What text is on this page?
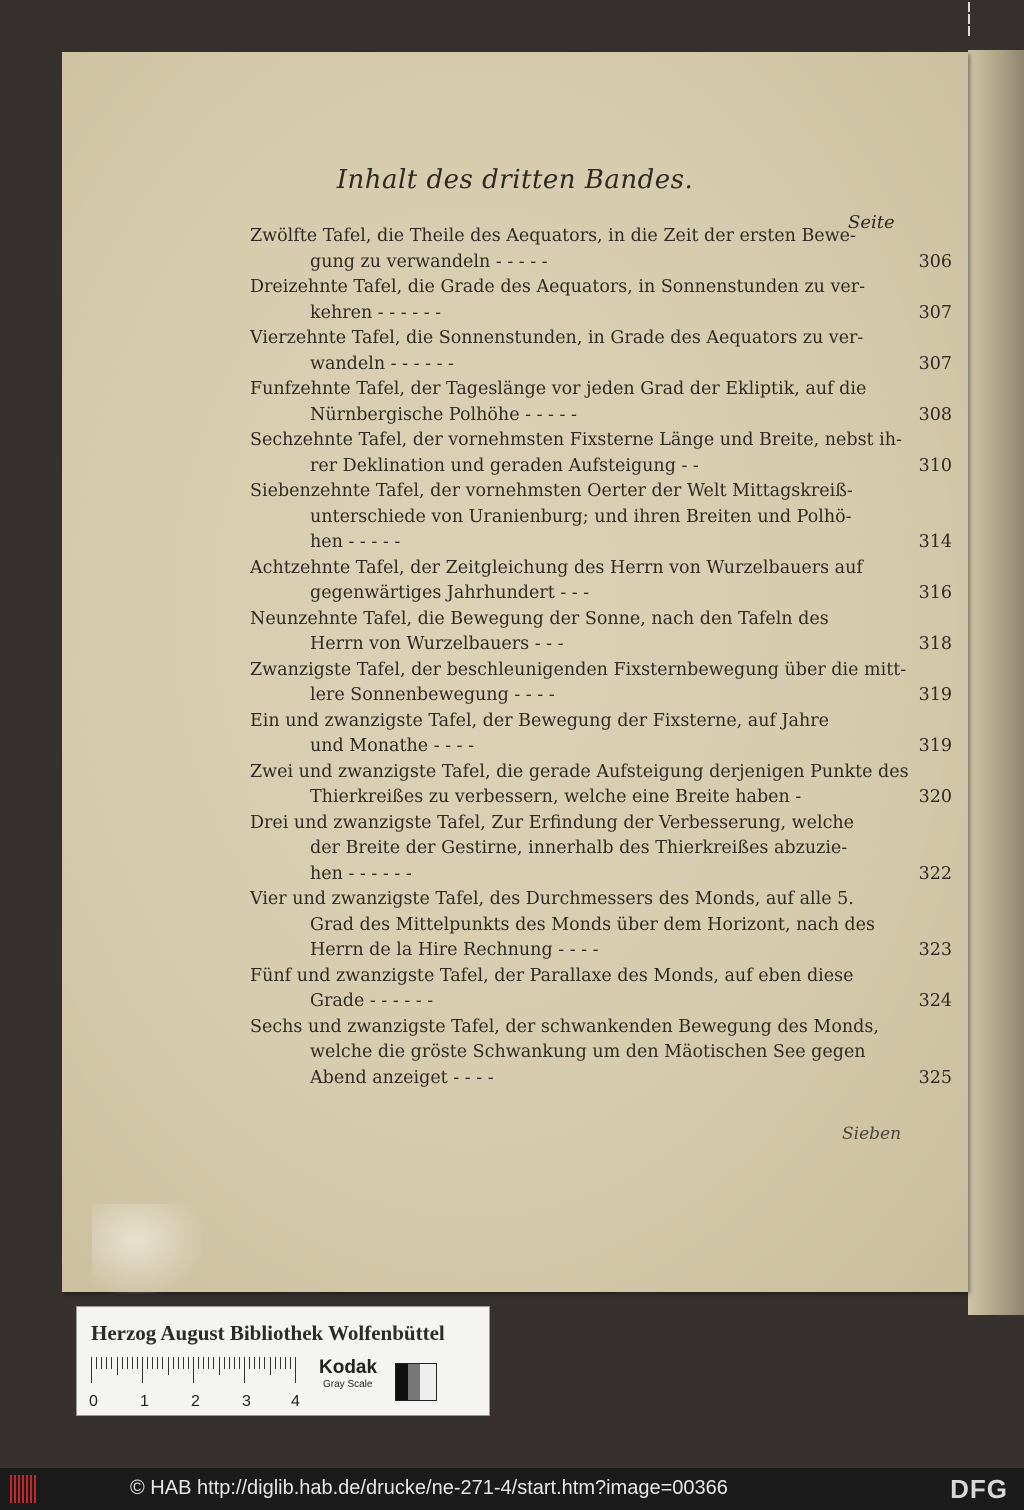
Inhalt des dritten Bandes.
Seite
Zwölfte Tafel, die Theile des Aequators, in die Zeit der ersten Bewe-
gung zu verwandeln - - - - -	306
Dreizehnte Tafel, die Grade des Aequators, in Sonnenstunden zu ver-
kehren - - - - - -	307
Vierzehnte Tafel, die Sonnenstunden, in Grade des Aequators zu ver-
wandeln - - - - - -	307
Funfzehnte Tafel, der Tageslänge vor jeden Grad der Ekliptik, auf die
Nürnbergische Polhöhe - - - - -	308
Sechzehnte Tafel, der vornehmsten Fixsterne Länge und Breite, nebst ih-
rer Deklination und geraden Aufsteigung - -	310
Siebenzehnte Tafel, der vornehmsten Oerter der Welt Mittagskreiß-
unterschiede von Uranienburg; und ihren Breiten und Polhö-
hen - - - - -	314
Achtzehnte Tafel, der Zeitgleichung des Herrn von Wurzelbauers auf
gegenwärtiges Jahrhundert - - -	316
Neunzehnte Tafel, die Bewegung der Sonne, nach den Tafeln des
Herrn von Wurzelbauers - - -	318
Zwanzigste Tafel, der beschleunigenden Fixsternbewegung über die mitt-
lere Sonnenbewegung - - - -	319
Ein und zwanzigste Tafel, der Bewegung der Fixsterne, auf Jahre
und Monathe - - - -	319
Zwei und zwanzigste Tafel, die gerade Aufsteigung derjenigen Punkte des
Thierkreißes zu verbessern, welche eine Breite haben -	320
Drei und zwanzigste Tafel, Zur Erfindung der Verbesserung, welche
der Breite der Gestirne, innerhalb des Thierkreißes abzuzie-
hen - - - - - -	322
Vier und zwanzigste Tafel, des Durchmessers des Monds, auf alle 5.
Grad des Mittelpunkts des Monds über dem Horizont, nach des
Herrn de la Hire Rechnung - - - -	323
Fünf und zwanzigste Tafel, der Parallaxe des Monds, auf eben diese
Grade - - - - - -	324
Sechs und zwanzigste Tafel, der schwankenden Bewegung des Monds,
welche die gröste Schwankung um den Mäotischen See gegen
Abend anzeiget - - - -	325
Sieben
Herzog August Bibliothek Wolfenbüttel
0	1	2	3	4
Kodak
Gray Scale
© HAB http://diglib.hab.de/drucke/ne-271-4/start.htm?image=00366	DFG
